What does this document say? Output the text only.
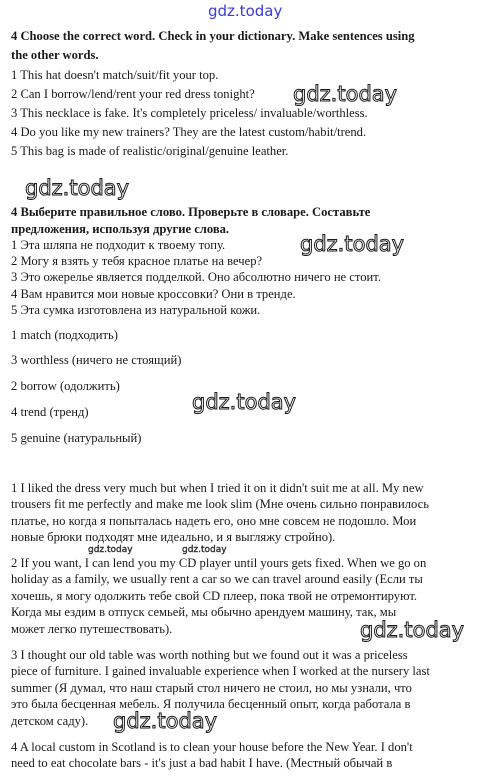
gdz.today
4 Choose the correct word. Check in your dictionary. Make sentences using
the other words.
1 This hat doesn't match/suit/fit your top.
2 Can I borrow/lend/rent your red dress tonight?
3 This necklace is fake. It's completely priceless/ invaluable/worthless.
4 Do you like my new trainers? They are the latest custom/habit/trend.
5 This bag is made of realistic/original/genuine leather.
gdz.today
gdz.today
4 Выберите правильное слово. Проверьте в словаре. Составьте
предложения, используя другие слова.
1 Эта шляпа не подходит к твоему топу.
2 Могу я взять у тебя красное платье на вечер?
3 Это ожерелье является подделкой. Оно абсолютно ничего не стоит.
4 Вам нравится мои новые кроссовки? Они в тренде.
5 Эта сумка изготовлена из натуральной кожи.
gdz.today
1 match (подходить)
3 worthless (ничего не стоящий)
2 borrow (одолжить)
4 trend (тренд)
5 genuine (натуральный)
gdz.today
1 I liked the dress very much but when I tried it on it didn't suit me at all. My new
trousers fit me perfectly and make me look slim (Мне очень сильно понравилось
платье, но когда я попыталась надеть его, оно мне совсем не подошло. Мои
новые брюки подходят мне идеально, и я выгляжу стройно).
gdz.today	gdz.today
2 If you want, I can lend you my CD player until yours gets fixed. When we go on
holiday as a family, we usually rent a car so we can travel around easily (Если ты
хочешь, я могу одолжить тебе свой CD плеер, пока твой не отремонтируют.
Когда мы ездим в отпуск семьей, мы обычно арендуем машину, так, мы
может легко путешествовать).	gdz.today
3 I thought our old table was worth nothing but we found out it was a priceless
piece of furniture. I gained invaluable experience when I worked at the nursery last
summer (Я думал, что наш старый стол ничего не стоил, но мы узнали, что
это была бесценная мебель. Я получила бесценный опыт, когда работала в
детском саду). gdz.today
4 A local custom in Scotland is to clean your house before the New Year. I don't
need to eat chocolate bars - it's just a bad habit I have. (Местный обычай в
